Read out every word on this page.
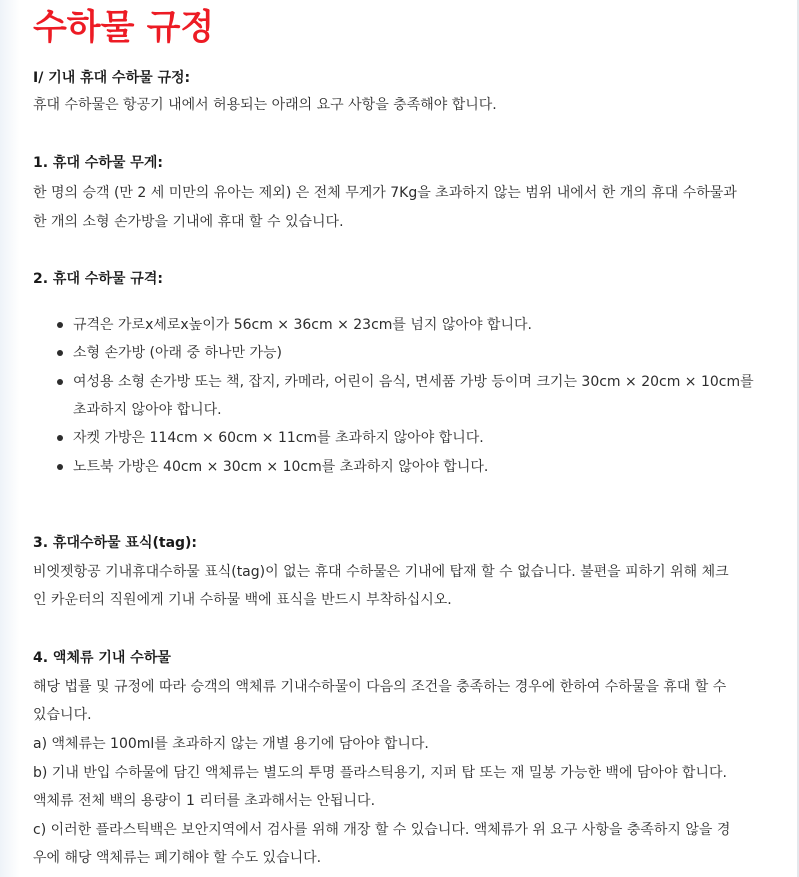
수하물 규정

I/ 기내 휴대 수하물 규정:

휴대 수하물은 항공기 내에서 허용되는 아래의 요구 사항을 충족해야 합니다.

1. 휴대 수하물 무게:

한 명의 승객 (만 2 세 미만의 유아는 제외) 은 전체 무게가 7Kg을 초과하지 않는 범위 내에서 한 개의 휴대 수하물과

한 개의 소형 손가방을 기내에 휴대 할 수 있습니다.

2. 휴대 수하물 규격:

규격은 가로x세로x높이가 56cm × 36cm × 23cm를 넘지 않아야 합니다.

소형 손가방 (아래 중 하나만 가능)

여성용 소형 손가방 또는 책, 잡지, 카메라, 어린이 음식, 면세품 가방 등이며 크기는 30cm × 20cm × 10cm를

초과하지 않아야 합니다.

자켓 가방은 114cm × 60cm × 11cm를 초과하지 않아야 합니다.

노트북 가방은 40cm × 30cm × 10cm를 초과하지 않아야 합니다.

3. 휴대수하물 표식(tag):

비엣젯항공 기내휴대수하물 표식(tag)이 없는 휴대 수하물은 기내에 탑재 할 수 없습니다. 불편을 피하기 위해 체크

인 카운터의 직원에게 기내 수하물 백에 표식을 반드시 부착하십시오.

4. 액체류 기내 수하물

해당 법률 및 규정에 따라 승객의 액체류 기내수하물이 다음의 조건을 충족하는 경우에 한하여 수하물을 휴대 할 수

있습니다.

a) 액체류는 100ml를 초과하지 않는 개별 용기에 담아야 합니다.

b) 기내 반입 수하물에 담긴 액체류는 별도의 투명 플라스틱용기, 지퍼 탑 또는 재 밀봉 가능한 백에 담아야 합니다.

액체류 전체 백의 용량이 1 리터를 초과해서는 안됩니다.

c) 이러한 플라스틱백은 보안지역에서 검사를 위해 개장 할 수 있습니다. 액체류가 위 요구 사항을 충족하지 않을 경

우에 해당 액체류는 폐기해야 할 수도 있습니다.
